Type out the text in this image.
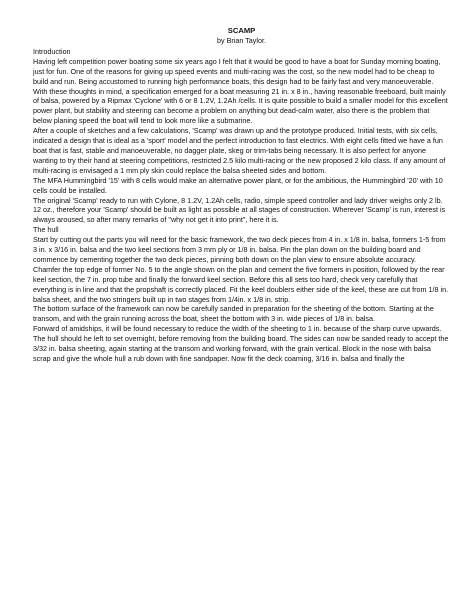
SCAMP

by Brian Taylor.

Introduction

Having left competition power boating some six years ago I felt that it would be good to have a boat for Sunday morning boating, just for fun. One of the reasons for giving up speed events and multi-racing was the cost, so the new model had to be cheap to build and run. Being accustomed to running high performance boats, this design had to be fairly fast and very manoeuverable.

With these thoughts in mind, a specification emerged for a boat measuring 21 in. x 8 in., having reasonable freeboard, built mainly of balsa, powered by a Ripmax 'Cyclone' with 6 or 8 1.2V, 1.2Ah /cells. It is quite possible to build a smaller model for this excellent power plant, but stability and steering can become a problem on anything but dead-calm water, also there is the problem that below planing speed the boat will tend to look more like a submarine.

After a couple of sketches and a few calculations, 'Scamp' was drawn up and the prototype produced. Initial tests, with six cells, indicated a design that is ideal as a 'sport' model and the perfect introduction to fast electrics. With eight cells fitted we have a fun boat that is fast, stable and manoeuverable, no dagger plate, skeg or trim-tabs being necessary. It is also perfect for anyone wanting to try their hand at steering competitions, restricted 2.5 kilo multi-racing or the new proposed 2 kilo class. If any amount of multi-racing is envisaged a 1 mm ply skin could replace the balsa sheeted sides and bottom.

The MFA Hummingbird '15' with 8 cells would make an alternative power plant, or for the ambitious, the Hummingbird '20' with 10 cells could be installed.

The original 'Scamp' ready to run with Cylone, 8 1.2V, 1.2Ah cells, radio, simple speed controller and lady driver weighs only 2 lb. 12 oz., therefore your 'Scamp' should be built as light as possible at all stages of construction. Wherever 'Scamp' is run, interest is always aroused, so after many remarks of "why not get it into print", here it is.

The hull

Start by cutting out the parts you will need for the basic framework, the two deck pieces from 4 in. x 1/8 in. balsa, formers 1-5 from 3 in. x 3/16 in. balsa and the two keel sections from 3 mm ply or 1/8 in. balsa. Pin the plan down on the building board and commence by cementing together the two deck pieces, pinning both down on the plan view to ensure absolute accuracy.

Chamfer the top edge of former No. 5 to the angle shown on the plan and cement the five formers in position, followed by the rear keel section, the 7 in. prop tube and finally the forward keel section. Before this all sets too hard, check very carefully that everything is in line and that the propshaft is correctly placed. Fit the keel doublers either side of the keel, these are cut from 1/8 in. balsa sheet, and the two stringers built up in two stages from 1/4in. x 1/8 in. strip.

The bottom surface of the framework can now be carefully sanded in preparation for the sheeting of the bottom. Starting at the transom, and with the grain running across the boat, sheet the bottom with 3 in. wide pieces of 1/8 in. balsa.

Forward of amidships, it will be found necessary to reduce the width of the sheeting to 1 in. because of the sharp curve upwards. The hull should he left to set overnight, before removing from the building board. The sides can now be sanded ready to accept the 3/32 in. balsa sheeting, again starting at the transom and working forward, with the grain vertical. Block in the nose with balsa scrap and give the whole hull a rub down with fine sandpaper. Now fit the deck coaming, 3/16 in. balsa and finally the
